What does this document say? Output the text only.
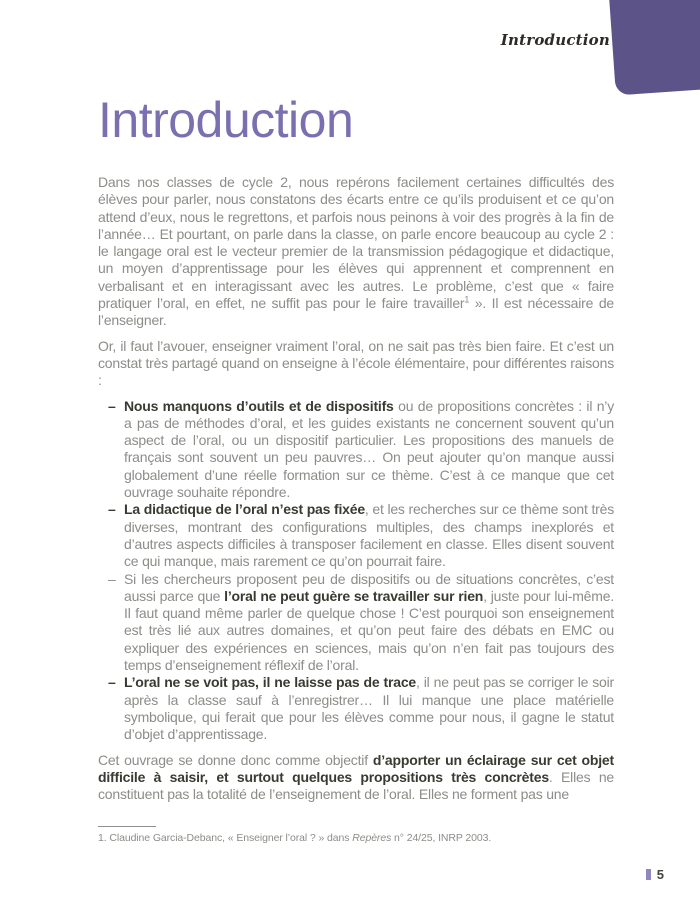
Introduction
Introduction

Dans nos classes de cycle 2, nous repérons facilement certaines difficultés des élèves pour parler, nous constatons des écarts entre ce qu’ils produisent et ce qu’on attend d’eux, nous le regrettons, et parfois nous peinons à voir des progrès à la fin de l’année… Et pourtant, on parle dans la classe, on parle encore beaucoup au cycle 2 : le langage oral est le vecteur premier de la transmission pédagogique et didactique, un moyen d’apprentissage pour les élèves qui apprennent et comprennent en verbalisant et en interagissant avec les autres. Le problème, c’est que « faire pratiquer l’oral, en effet, ne suffit pas pour le faire travailler$^1$ ». Il est nécessaire de l’enseigner.

Or, il faut l’avouer, enseigner vraiment l’oral, on ne sait pas très bien faire. Et c’est un constat très partagé quand on enseigne à l’école élémentaire, pour différentes raisons :

– Nous manquons d’outils et de dispositifs ou de propositions concrètes : il n’y a pas de méthodes d’oral, et les guides existants ne concernent souvent qu’un aspect de l’oral, ou un dispositif particulier. Les propositions des manuels de français sont souvent un peu pauvres… On peut ajouter qu’on manque aussi globalement d’une réelle formation sur ce thème. C’est à ce manque que cet ouvrage souhaite répondre.
– La didactique de l’oral n’est pas fixée, et les recherches sur ce thème sont très diverses, montrant des configurations multiples, des champs inexplorés et d’autres aspects difficiles à transposer facilement en classe. Elles disent souvent ce qui manque, mais rarement ce qu’on pourrait faire.
– Si les chercheurs proposent peu de dispositifs ou de situations concrètes, c’est aussi parce que l’oral ne peut guère se travailler sur rien, juste pour lui-même. Il faut quand même parler de quelque chose ! C’est pourquoi son enseignement est très lié aux autres domaines, et qu’on peut faire des débats en EMC ou expliquer des expériences en sciences, mais qu’on n’en fait pas toujours des temps d’enseignement réflexif de l’oral.
– L’oral ne se voit pas, il ne laisse pas de trace, il ne peut pas se corriger le soir après la classe sauf à l’enregistrer… Il lui manque une place matérielle symbolique, qui ferait que pour les élèves comme pour nous, il gagne le statut d’objet d’apprentissage.

Cet ouvrage se donne donc comme objectif d’apporter un éclairage sur cet objet difficile à saisir, et surtout quelques propositions très concrètes. Elles ne constituent pas la totalité de l’enseignement de l’oral. Elles ne forment pas une

1. Claudine Garcia-Debanc, « Enseigner l’oral ? » dans Repères n° 24/25, INRP 2003.

5
